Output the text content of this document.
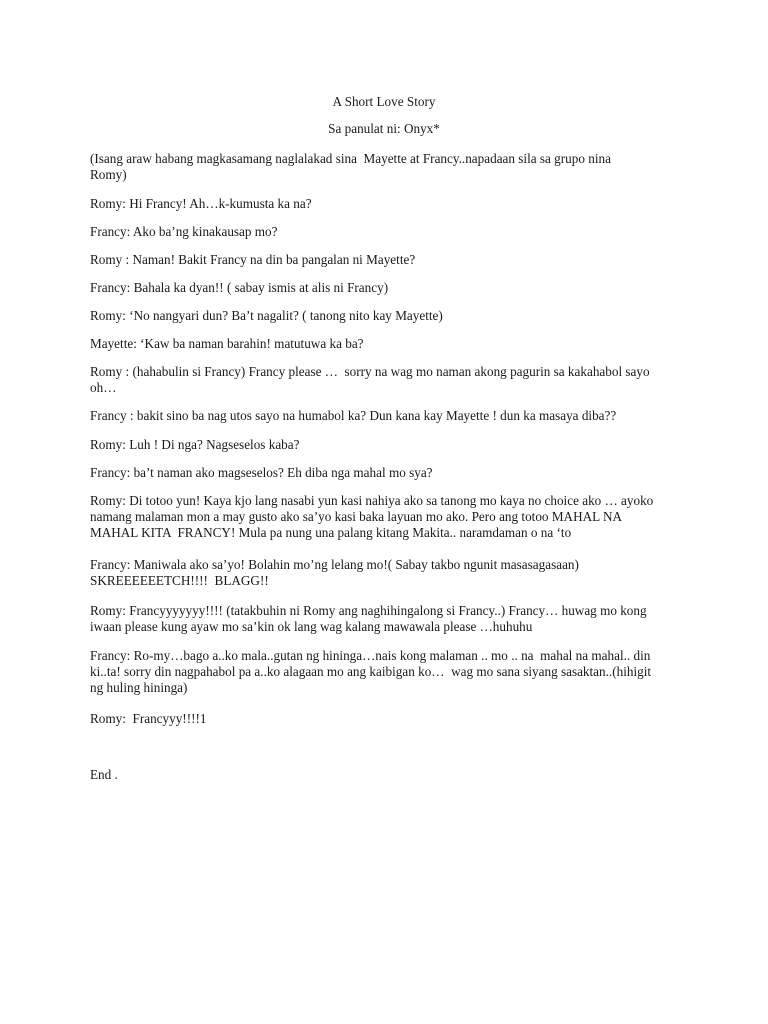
A Short Love Story
Sa panulat ni: Onyx*
(Isang araw habang magkasamang naglalakad sina  Mayette at Francy..napadaan sila sa grupo nina
Romy)
Romy: Hi Francy! Ah…k-kumusta ka na?
Francy: Ako ba’ng kinakausap mo?
Romy : Naman! Bakit Francy na din ba pangalan ni Mayette?
Francy: Bahala ka dyan!! ( sabay ismis at alis ni Francy)
Romy: ‘No nangyari dun? Ba’t nagalit? ( tanong nito kay Mayette)
Mayette: ‘Kaw ba naman barahin! matutuwa ka ba?
Romy : (hahabulin si Francy) Francy please …  sorry na wag mo naman akong pagurin sa kakahabol sayo
oh…
Francy : bakit sino ba nag utos sayo na humabol ka? Dun kana kay Mayette ! dun ka masaya diba??
Romy: Luh ! Di nga? Nagseselos kaba?
Francy: ba’t naman ako magseselos? Eh diba nga mahal mo sya?
Romy: Di totoo yun! Kaya kjo lang nasabi yun kasi nahiya ako sa tanong mo kaya no choice ako … ayoko
namang malaman mon a may gusto ako sa’yo kasi baka layuan mo ako. Pero ang totoo MAHAL NA
MAHAL KITA  FRANCY! Mula pa nung una palang kitang Makita.. naramdaman o na ‘to
Francy: Maniwala ako sa’yo! Bolahin mo’ng lelang mo!( Sabay takbo ngunit masasagasaan)
SKREEEEEETCH!!!!  BLAGG!!
Romy: Francyyyyyyy!!!! (tatakbuhin ni Romy ang naghihingalong si Francy..) Francy… huwag mo kong
iwaan please kung ayaw mo sa’kin ok lang wag kalang mawawala please …huhuhu
Francy: Ro-my…bago a..ko mala..gutan ng hininga…nais kong malaman .. mo .. na  mahal na mahal.. din
ki..ta! sorry din nagpahabol pa a..ko alagaan mo ang kaibigan ko…  wag mo sana siyang sasaktan..(hihigit
ng huling hininga)
Romy:  Francyyy!!!!1
End .
